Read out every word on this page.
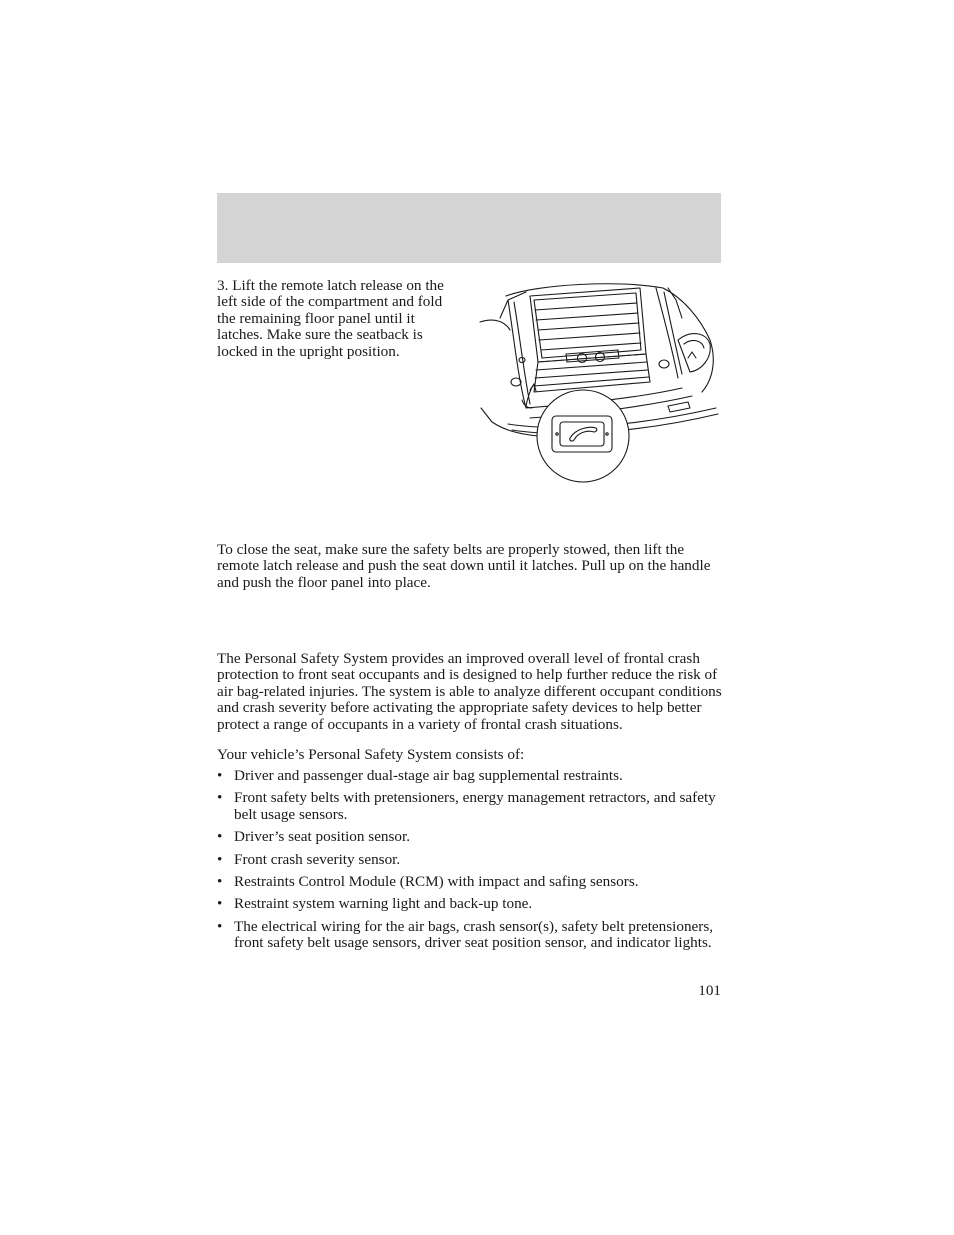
3. Lift the remote latch release on the left side of the compartment and fold the remaining floor panel until it latches. Make sure the seatback is locked in the upright position.

To close the seat, make sure the safety belts are properly stowed, then lift the remote latch release and push the seat down until it latches. Pull up on the handle and push the floor panel into place.

The Personal Safety System provides an improved overall level of frontal crash protection to front seat occupants and is designed to help further reduce the risk of air bag-related injuries. The system is able to analyze different occupant conditions and crash severity before activating the appropriate safety devices to help better protect a range of occupants in a variety of frontal crash situations.

Your vehicle’s Personal Safety System consists of:

• Driver and passenger dual-stage air bag supplemental restraints.
• Front safety belts with pretensioners, energy management retractors, and safety belt usage sensors.
• Driver’s seat position sensor.
• Front crash severity sensor.
• Restraints Control Module (RCM) with impact and safing sensors.
• Restraint system warning light and back-up tone.
• The electrical wiring for the air bags, crash sensor(s), safety belt pretensioners, front safety belt usage sensors, driver seat position sensor, and indicator lights.
101
